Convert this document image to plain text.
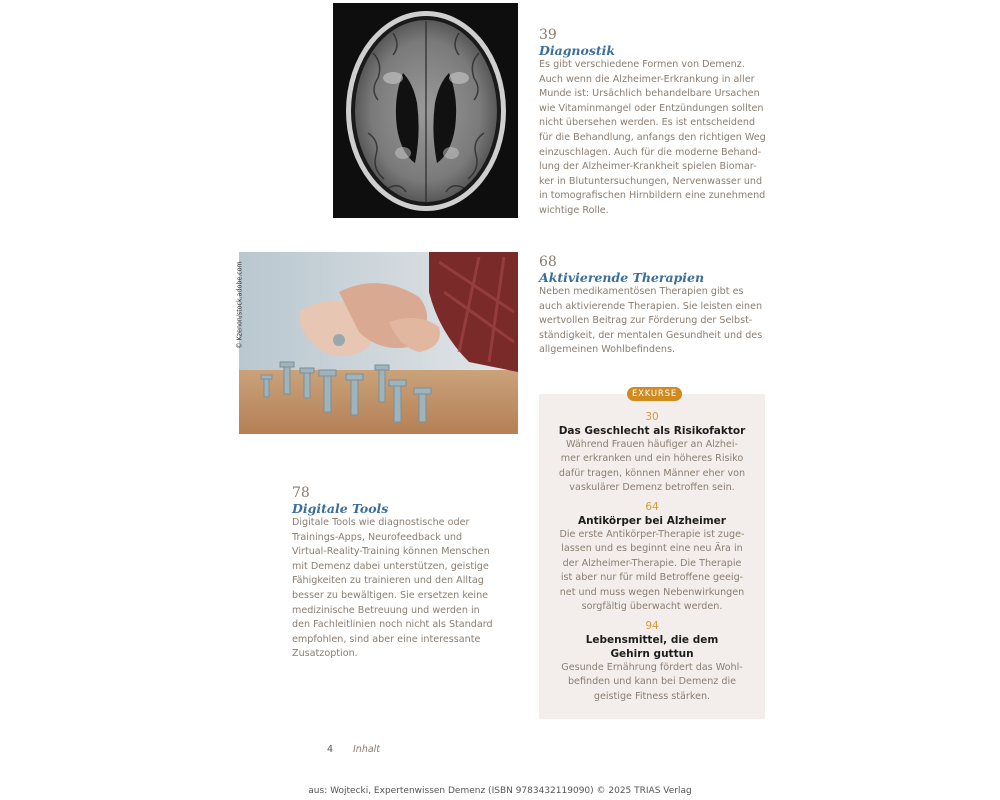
39
Diagnostik
Es gibt verschiedene Formen von Demenz.
Auch wenn die Alzheimer-Erkrankung in aller
Munde ist: Ursächlich behandelbare Ursachen
wie Vitaminmangel oder Entzündungen sollten
nicht übersehen werden. Es ist entscheidend
für die Behandlung, anfangs den richtigen Weg
einzuschlagen. Auch für die moderne Behand-
lung der Alzheimer-Krankheit spielen Biomar-
ker in Blutuntersuchungen, Nervenwasser und
in tomografischen Hirnbildern eine zunehmend
wichtige Rolle.
© Kzenon/stock.adobe.com	68
Aktivierende Therapien
Neben medikamentösen Therapien gibt es
auch aktivierende Therapien. Sie leisten einen
wertvollen Beitrag zur Förderung der Selbst-
ständigkeit, der mentalen Gesundheit und des
allgemeinen Wohlbefindens.
EXKURSE
30
Das Geschlecht als Risikofaktor
Während Frauen häufiger an Alzhei-
mer erkranken und ein höheres Risiko
dafür tragen, können Männer eher von
vaskulärer Demenz betroffen sein.
64
Antikörper bei Alzheimer
Die erste Antikörper-Therapie ist zuge-
lassen und es beginnt eine neu Ära in
der Alzheimer-Therapie. Die Therapie
ist aber nur für mild Betroffene geeig-
net und muss wegen Nebenwirkungen
sorgfältig überwacht werden.
94
Lebensmittel, die dem
Gehirn guttun
Gesunde Ernährung fördert das Wohl-
befinden und kann bei Demenz die
geistige Fitness stärken.
78
Digitale Tools
Digitale Tools wie diagnostische oder
Trainings-Apps, Neurofeedback und
Virtual-Reality-Training können Menschen
mit Demenz dabei unterstützen, geistige
Fähigkeiten zu trainieren und den Alltag
besser zu bewältigen. Sie ersetzen keine
medizinische Betreuung und werden in
den Fachleitlinien noch nicht als Standard
empfohlen, sind aber eine interessante
Zusatzoption.
4 Inhalt
aus: Wojtecki, Expertenwissen Demenz (ISBN 9783432119090) © 2025 TRIAS Verlag
